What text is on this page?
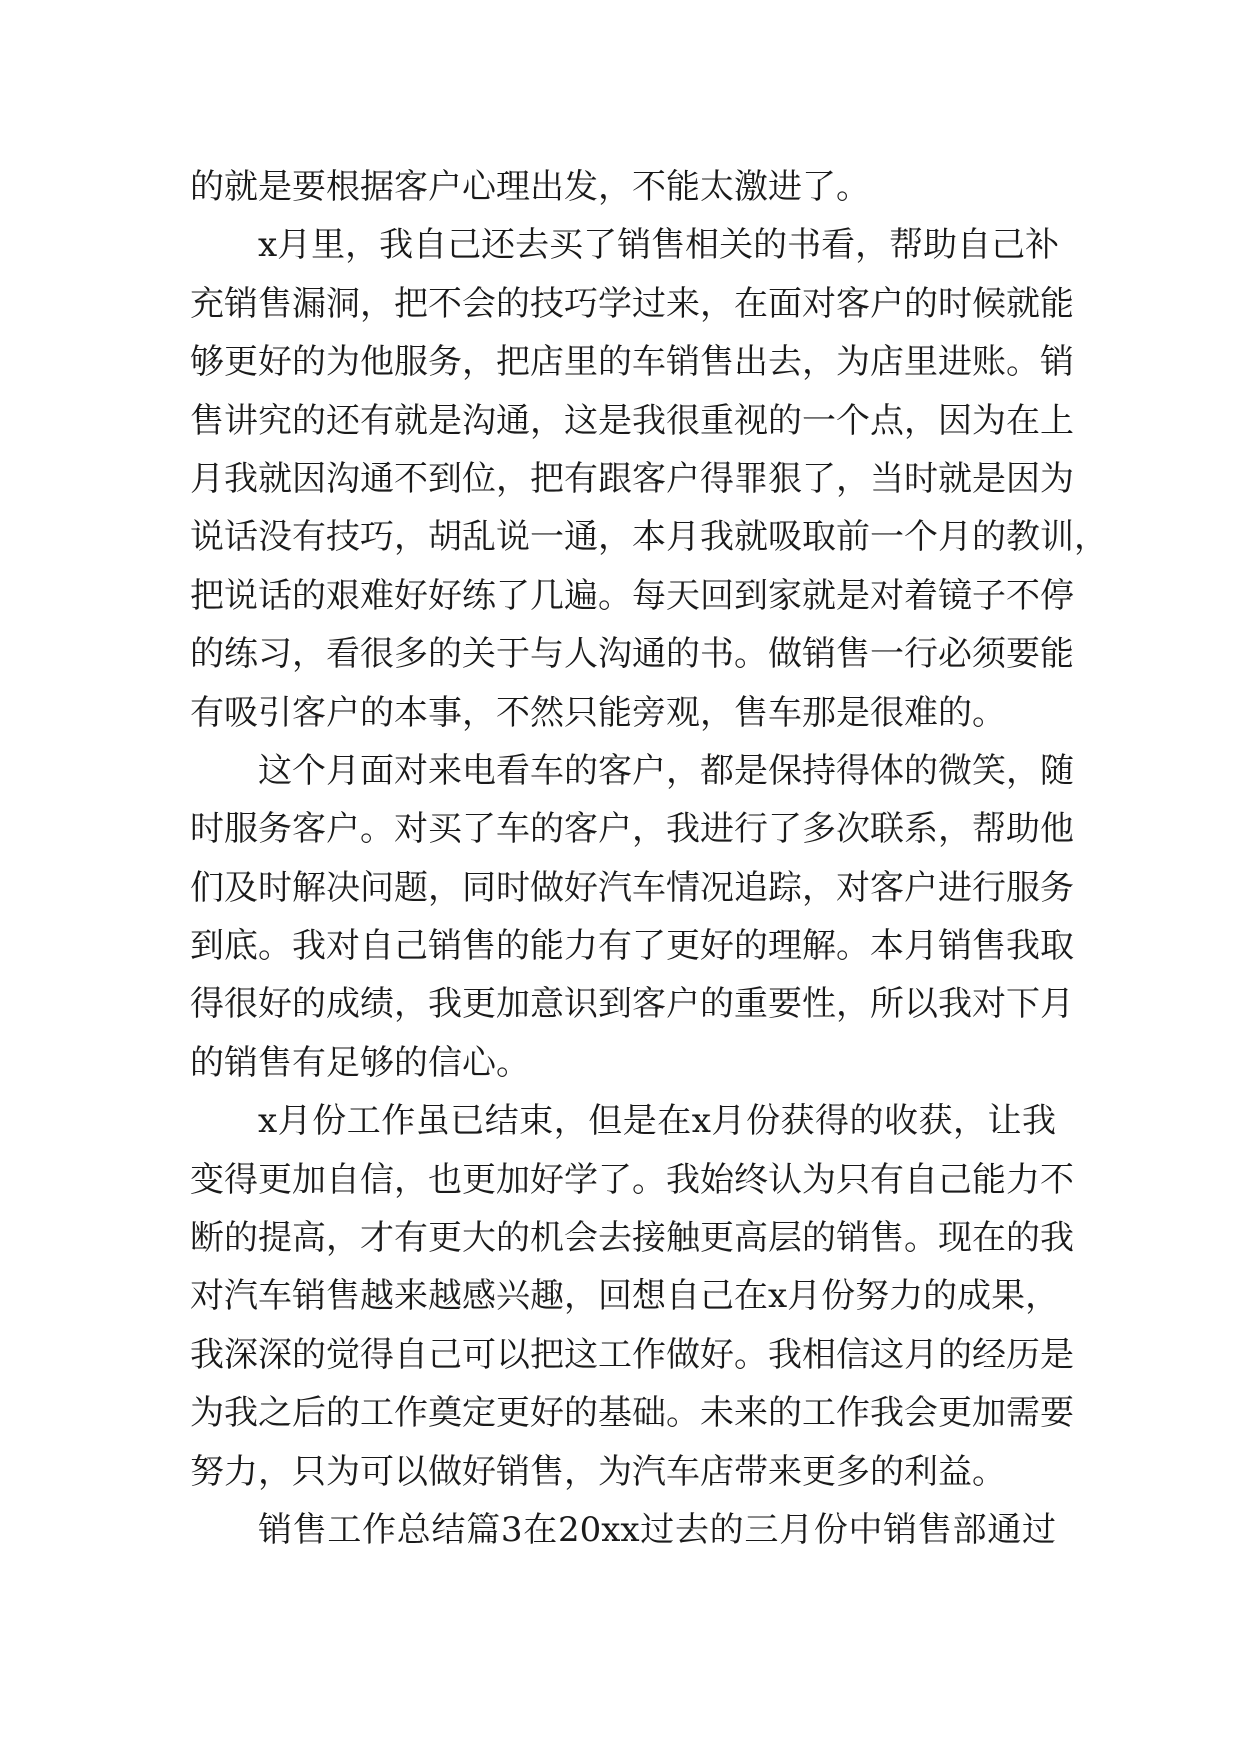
的就是要根据客户心理出发，不能太激进了。
x月里，我自己还去买了销售相关的书看，帮助自己补
充销售漏洞，把不会的技巧学过来，在面对客户的时候就能
够更好的为他服务，把店里的车销售出去，为店里进账。销
售讲究的还有就是沟通，这是我很重视的一个点，因为在上
月我就因沟通不到位，把有跟客户得罪狠了，当时就是因为
说话没有技巧，胡乱说一通，本月我就吸取前一个月的教训，
把说话的艰难好好练了几遍。每天回到家就是对着镜子不停
的练习，看很多的关于与人沟通的书。做销售一行必须要能
有吸引客户的本事，不然只能旁观，售车那是很难的。
这个月面对来电看车的客户，都是保持得体的微笑，随
时服务客户。对买了车的客户，我进行了多次联系，帮助他
们及时解决问题，同时做好汽车情况追踪，对客户进行服务
到底。我对自己销售的能力有了更好的理解。本月销售我取
得很好的成绩，我更加意识到客户的重要性，所以我对下月
的销售有足够的信心。
x月份工作虽已结束，但是在x月份获得的收获，让我
变得更加自信，也更加好学了。我始终认为只有自己能力不
断的提高，才有更大的机会去接触更高层的销售。现在的我
对汽车销售越来越感兴趣，回想自己在x月份努力的成果，
我深深的觉得自己可以把这工作做好。我相信这月的经历是
为我之后的工作奠定更好的基础。未来的工作我会更加需要
努力，只为可以做好销售，为汽车店带来更多的利益。
销售工作总结篇3在20xx过去的三月份中销售部通过
